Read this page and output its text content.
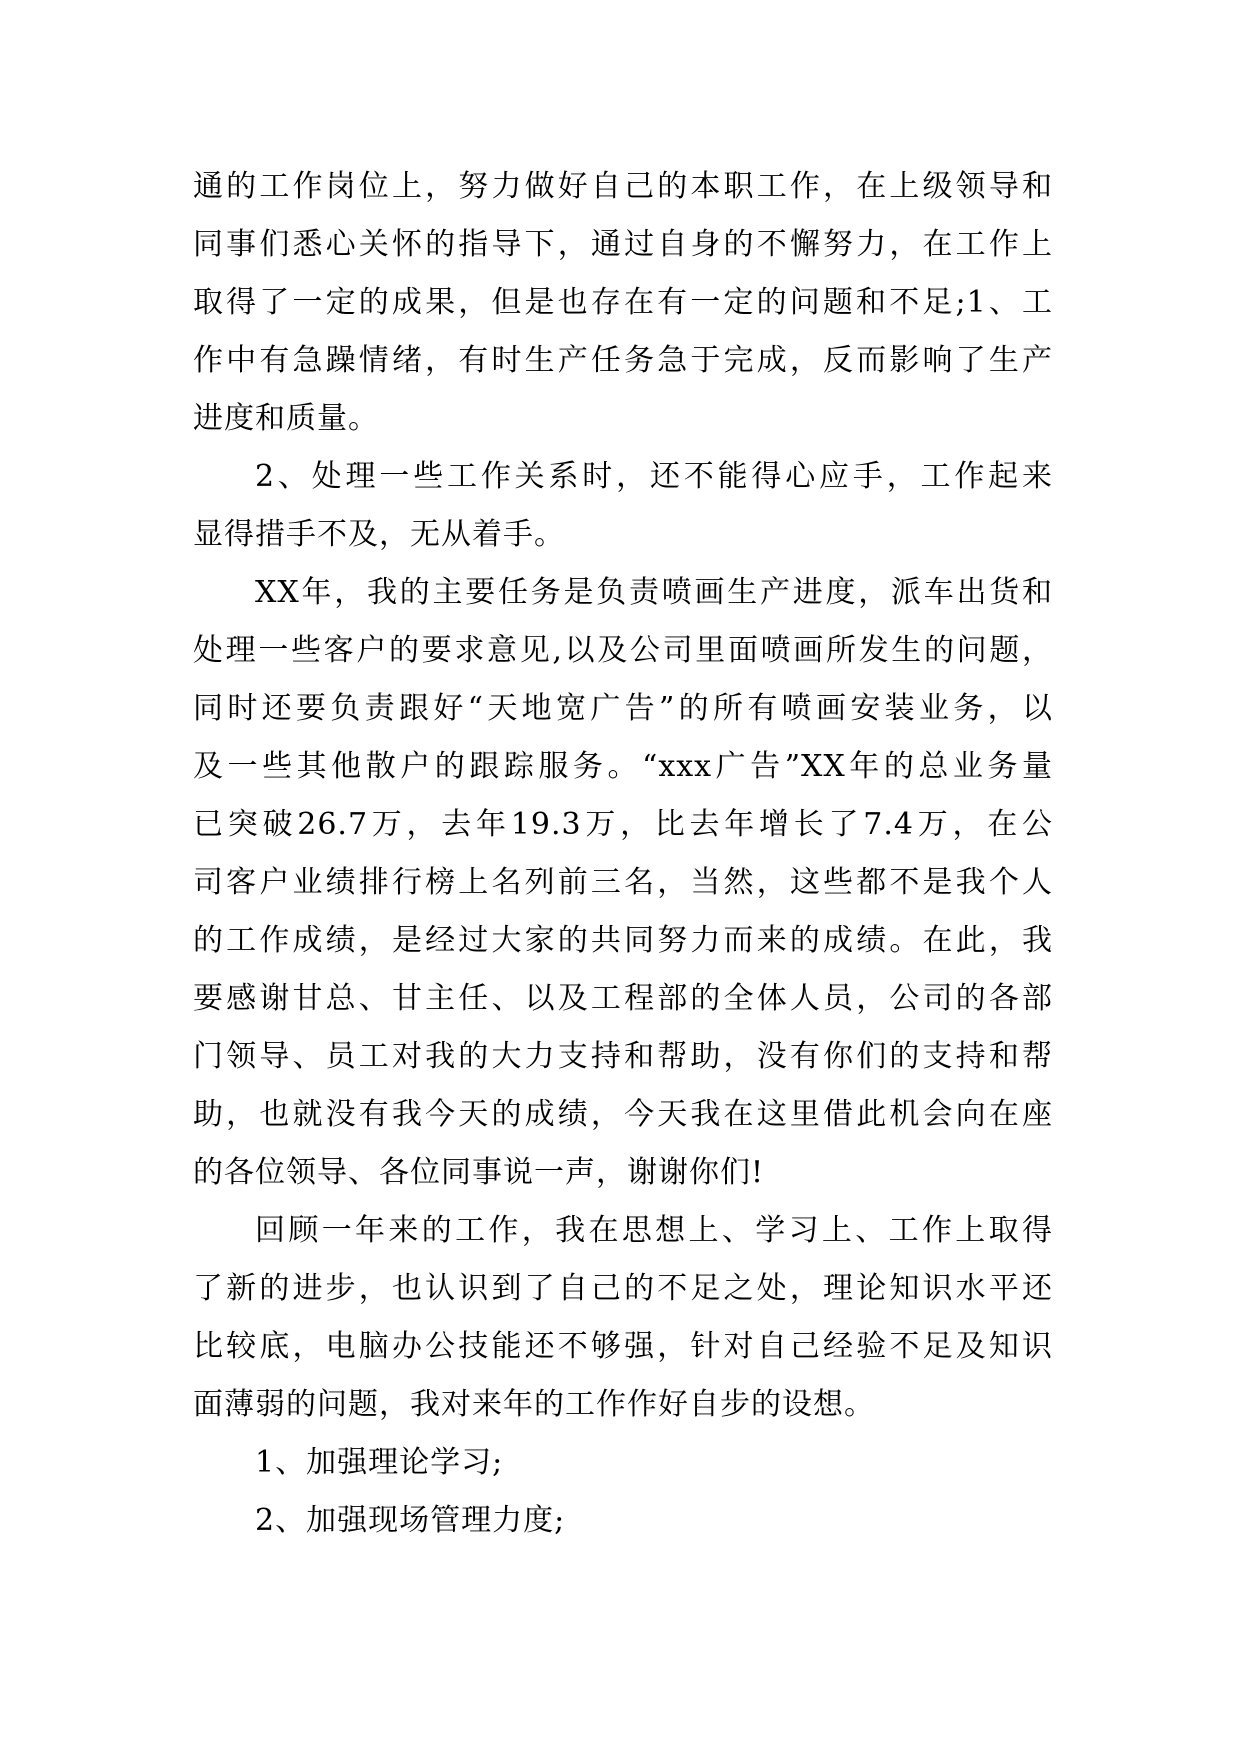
通的工作岗位上，努力做好自己的本职工作，在上级领导和
同事们悉心关怀的指导下，通过自身的不懈努力，在工作上
取得了一定的成果，但是也存在有一定的问题和不足;1、工
作中有急躁情绪，有时生产任务急于完成，反而影响了生产
进度和质量。

2、处理一些工作关系时，还不能得心应手，工作起来
显得措手不及，无从着手。

XX年，我的主要任务是负责喷画生产进度，派车出货和
处理一些客户的要求意见,以及公司里面喷画所发生的问题，
同时还要负责跟好“天地宽广告”的所有喷画安装业务，以
及一些其他散户的跟踪服务。“xxx广告”XX年的总业务量
已突破26.7万，去年19.3万，比去年增长了7.4万，在公
司客户业绩排行榜上名列前三名，当然，这些都不是我个人
的工作成绩，是经过大家的共同努力而来的成绩。在此，我
要感谢甘总、甘主任、以及工程部的全体人员，公司的各部
门领导、员工对我的大力支持和帮助，没有你们的支持和帮
助，也就没有我今天的成绩，今天我在这里借此机会向在座
的各位领导、各位同事说一声，谢谢你们!

回顾一年来的工作，我在思想上、学习上、工作上取得
了新的进步，也认识到了自己的不足之处，理论知识水平还
比较底，电脑办公技能还不够强，针对自己经验不足及知识
面薄弱的问题，我对来年的工作作好自步的设想。

1、加强理论学习;

2、加强现场管理力度;
